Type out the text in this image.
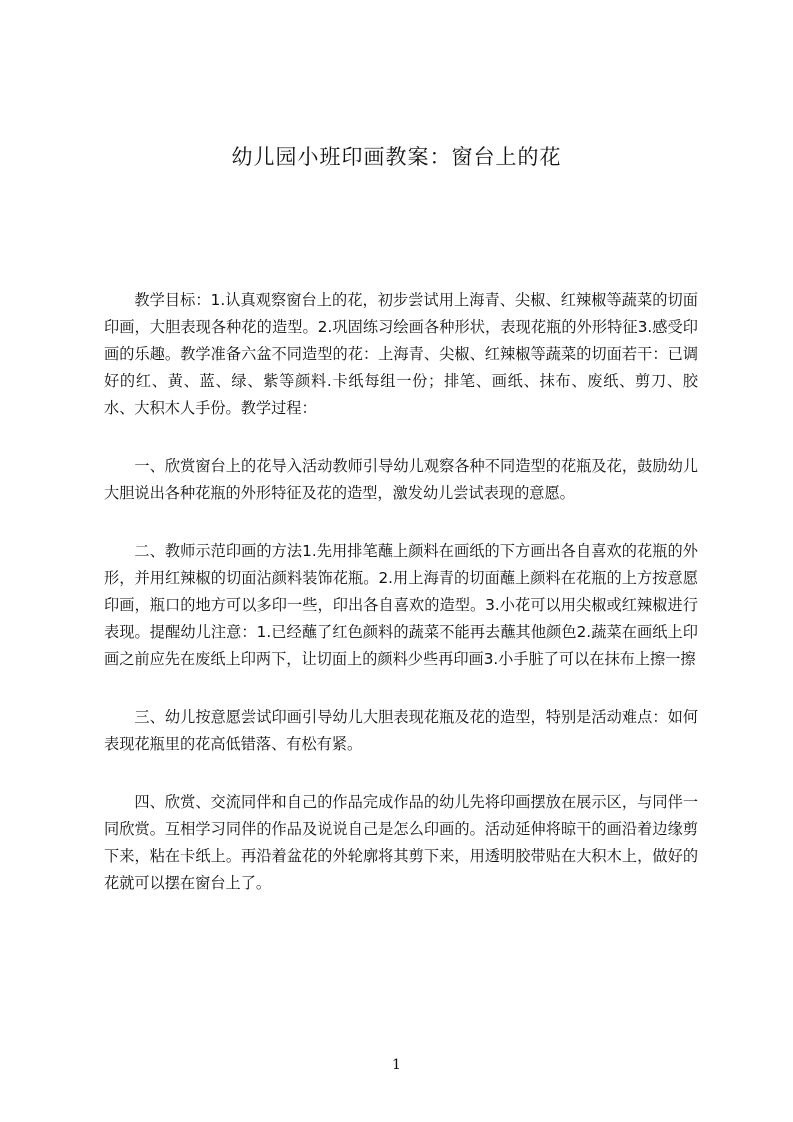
幼儿园小班印画教案：窗台上的花

教学目标：1.认真观察窗台上的花，初步尝试用上海青、尖椒、红辣椒等蔬菜的切面印画，大胆表现各种花的造型。2.巩固练习绘画各种形状，表现花瓶的外形特征3.感受印画的乐趣。教学准备六盆不同造型的花：上海青、尖椒、红辣椒等蔬菜的切面若干：已调好的红、黄、蓝、绿、紫等颜料.卡纸每组一份；排笔、画纸、抹布、废纸、剪刀、胶水、大积木人手份。教学过程：

一、欣赏窗台上的花导入活动教师引导幼儿观察各种不同造型的花瓶及花，鼓励幼儿大胆说出各种花瓶的外形特征及花的造型，激发幼儿尝试表现的意愿。

二、教师示范印画的方法1.先用排笔蘸上颜料在画纸的下方画出各自喜欢的花瓶的外形，并用红辣椒的切面沾颜料装饰花瓶。2.用上海青的切面蘸上颜料在花瓶的上方按意愿印画，瓶口的地方可以多印一些，印出各自喜欢的造型。3.小花可以用尖椒或红辣椒进行表现。提醒幼儿注意：1.已经蘸了红色颜料的蔬菜不能再去蘸其他颜色2.蔬菜在画纸上印画之前应先在废纸上印两下，让切面上的颜料少些再印画3.小手脏了可以在抹布上擦一擦

三、幼儿按意愿尝试印画引导幼儿大胆表现花瓶及花的造型，特别是活动难点：如何表现花瓶里的花高低错落、有松有紧。

四、欣赏、交流同伴和自己的作品完成作品的幼儿先将印画摆放在展示区，与同伴一同欣赏。互相学习同伴的作品及说说自己是怎么印画的。活动延伸将晾干的画沿着边缘剪下来，粘在卡纸上。再沿着盆花的外轮廓将其剪下来，用透明胶带贴在大积木上，做好的花就可以摆在窗台上了。

1
